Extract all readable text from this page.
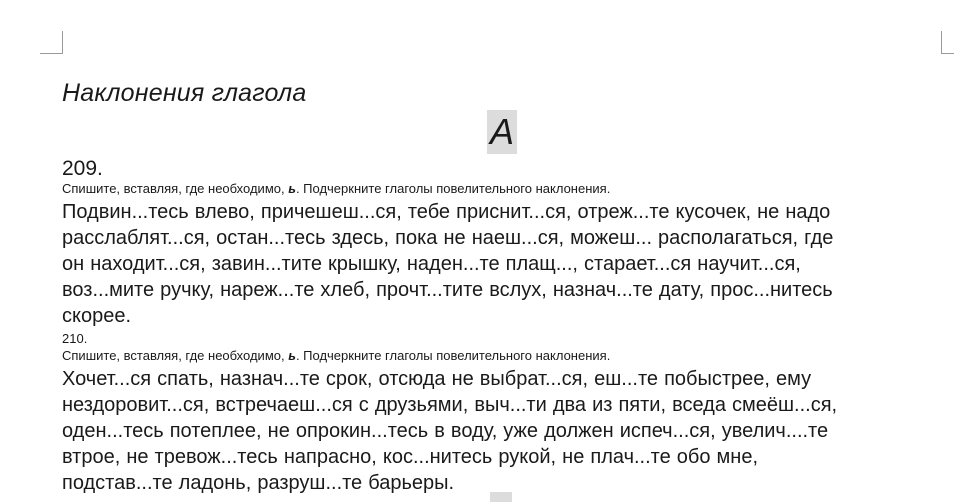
Наклонения глагола

А

209.

Спишите, вставляя, где необходимо, ь. Подчеркните глаголы повелительного наклонения.

Подвин...тесь влево, причешеш...ся, тебе приснит...ся, отреж...те кусочек, не надо
расслаблят...ся, остан...тесь здесь, пока не наеш...ся, можеш... располагаться, где
он находит...ся, завин...тите крышку, наден...те плащ..., старает...ся научит...ся,
воз...мите ручку, нареж...те хлеб, прочт...тите вслух, назнач...те дату, прос...нитесь
скорее.

210.

Спишите, вставляя, где необходимо, ь. Подчеркните глаголы повелительного наклонения.

Хочет...ся спать, назнач...те срок, отсюда не выбрат...ся, еш...те побыстрее, ему
нездоровит...ся, встречаеш...ся с друзьями, выч...ти два из пяти, вседа смеёш...ся,
оден...тесь потеплее, не опрокин...тесь в воду, уже должен испеч...ся, увелич....те
втрое, не тревож...тесь напрасно, кос...нитесь рукой, не плач...те обо мне,
подстав...те ладонь, разруш...те барьеры.
